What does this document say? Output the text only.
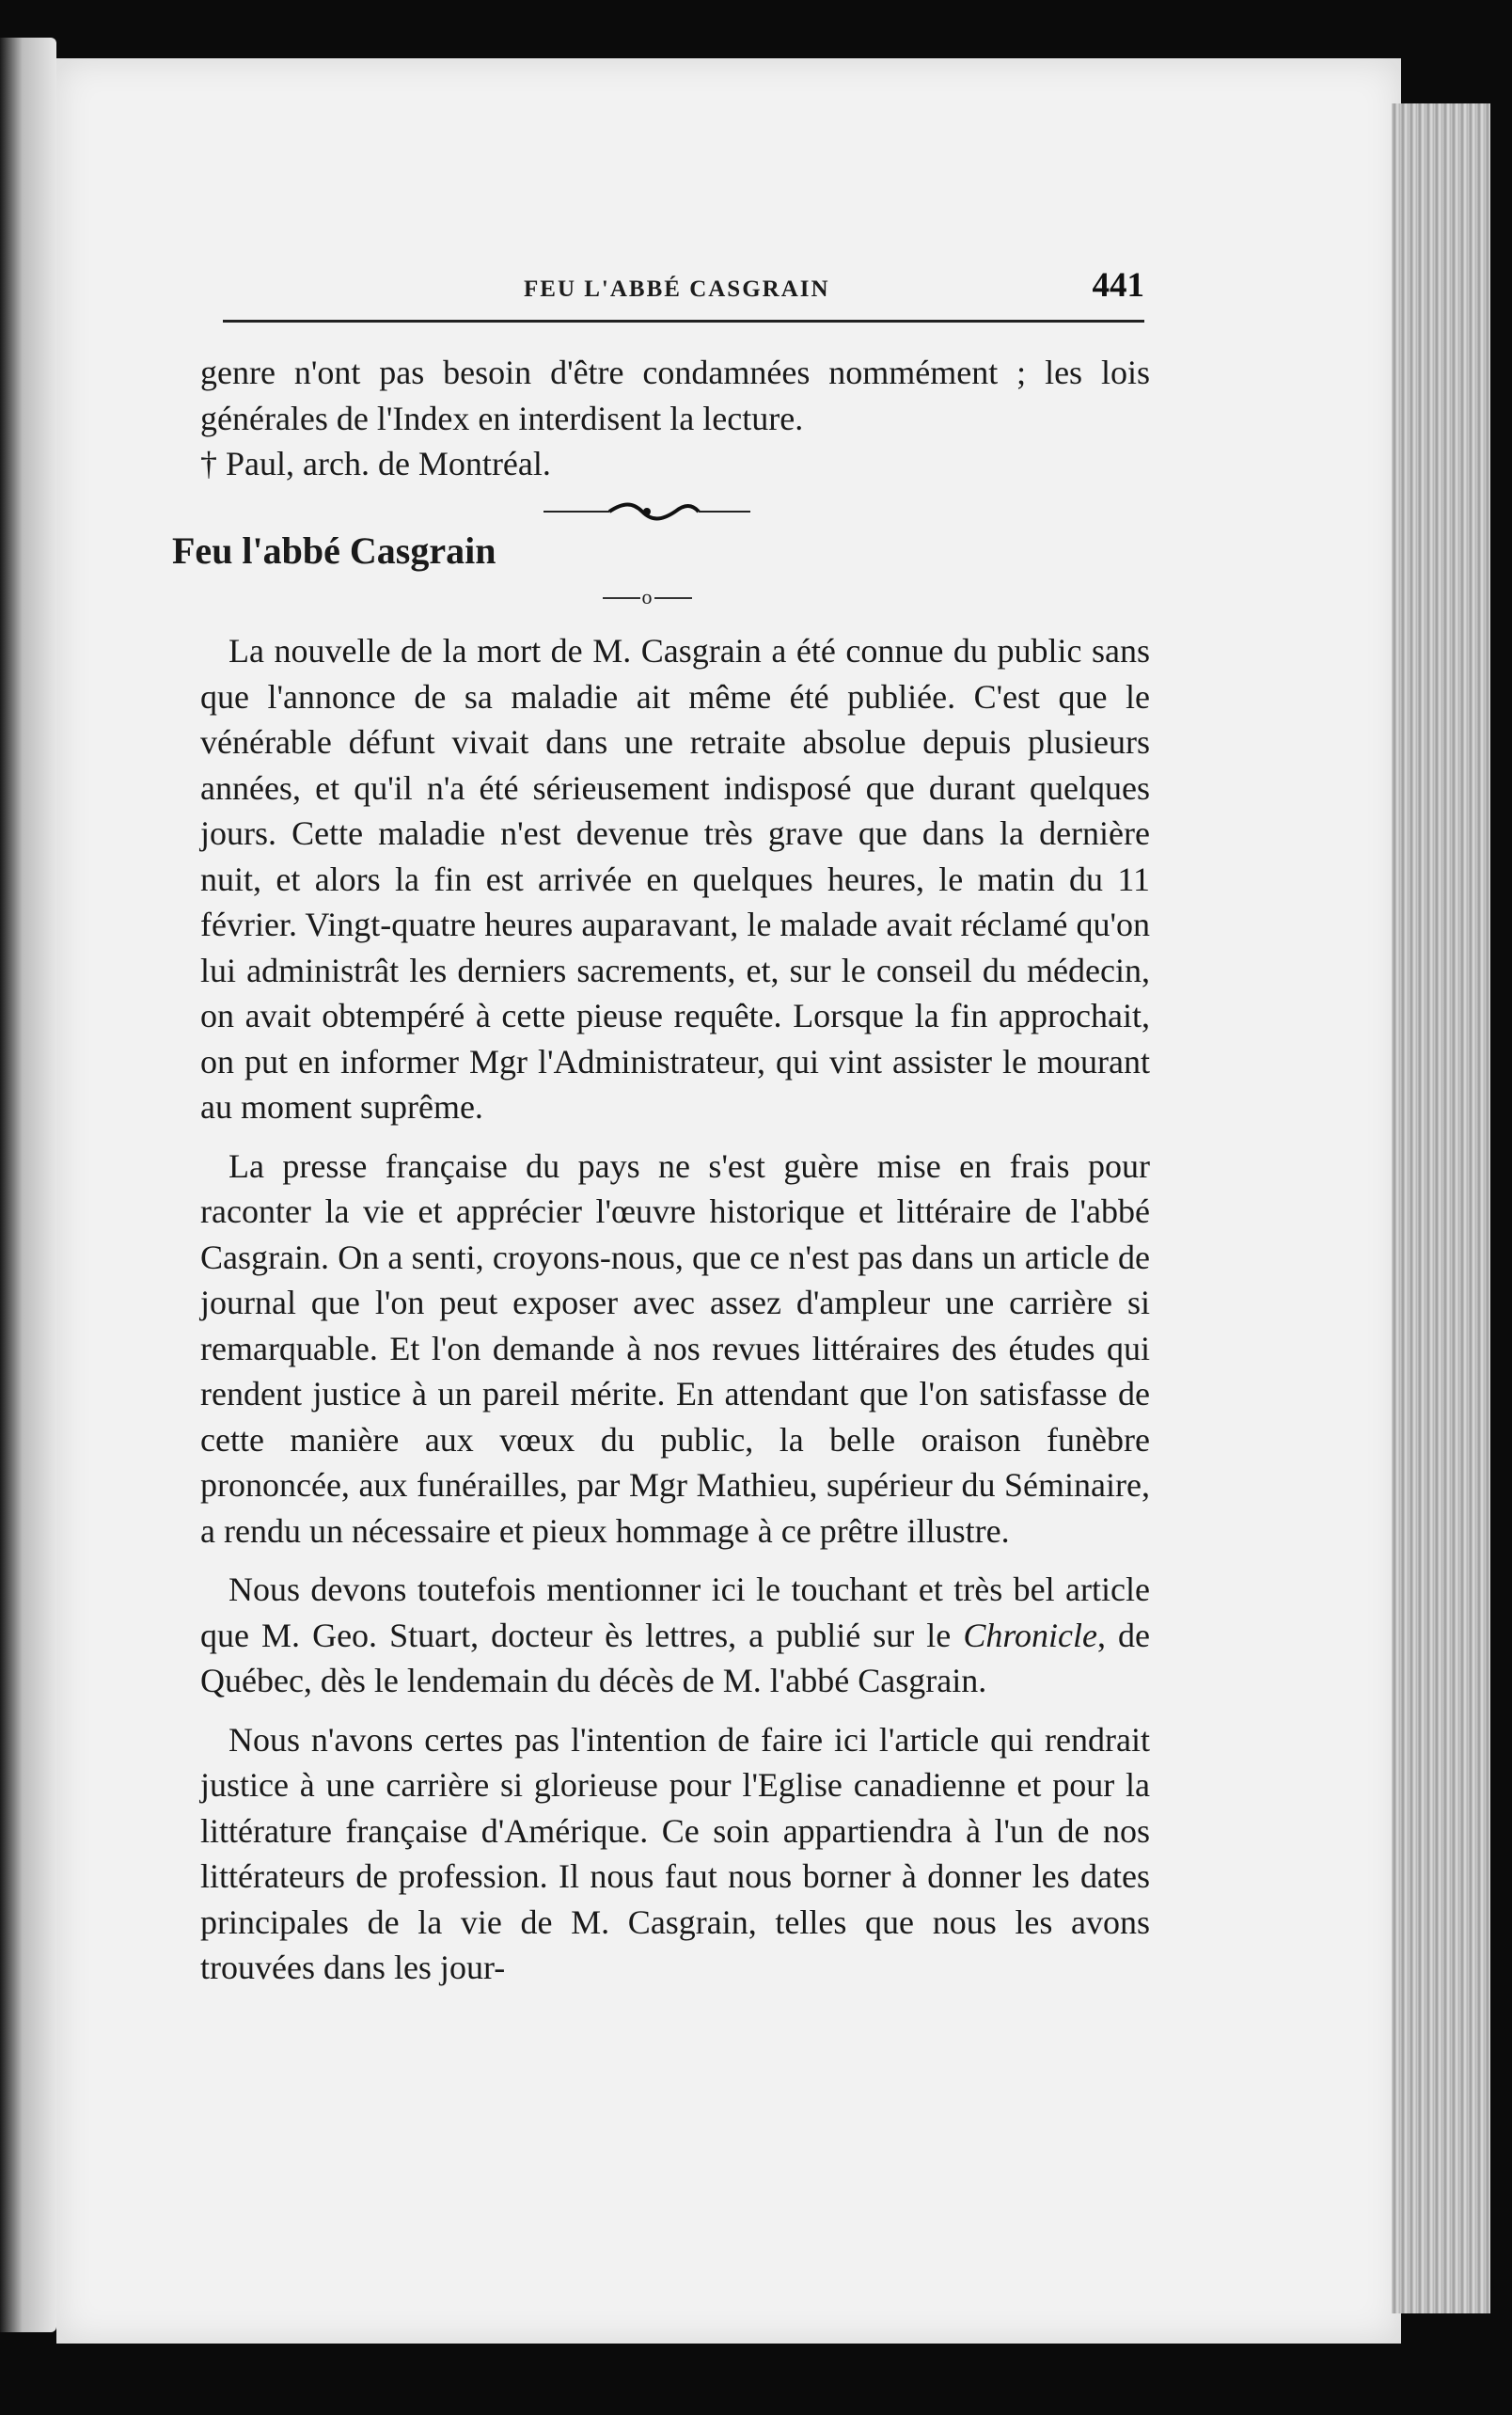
FEU L'ABBÉ CASGRAIN	441

genre n'ont pas besoin d'être condamnées nommément ; les lois générales de l'Index en interdisent la lecture.

† Paul, arch. de Montréal.

Feu l'abbé Casgrain

o

La nouvelle de la mort de M. Casgrain a été connue du public sans que l'annonce de sa maladie ait même été publiée. C'est que le vénérable défunt vivait dans une retraite absolue depuis plusieurs années, et qu'il n'a été sérieusement indisposé que durant quelques jours. Cette maladie n'est devenue très grave que dans la dernière nuit, et alors la fin est arrivée en quelques heures, le matin du 11 février. Vingt-quatre heures auparavant, le malade avait réclamé qu'on lui administrât les derniers sacrements, et, sur le conseil du médecin, on avait obtempéré à cette pieuse requête. Lorsque la fin approchait, on put en informer Mgr l'Administrateur, qui vint assister le mourant au moment suprême.

La presse française du pays ne s'est guère mise en frais pour raconter la vie et apprécier l'œuvre historique et littéraire de l'abbé Casgrain. On a senti, croyons-nous, que ce n'est pas dans un article de journal que l'on peut exposer avec assez d'ampleur une carrière si remarquable. Et l'on demande à nos revues littéraires des études qui rendent justice à un pareil mérite. En attendant que l'on satisfasse de cette manière aux vœux du public, la belle oraison funèbre prononcée, aux funérailles, par Mgr Mathieu, supérieur du Séminaire, a rendu un nécessaire et pieux hommage à ce prêtre illustre.

Nous devons toutefois mentionner ici le touchant et très bel article que M. Geo. Stuart, docteur ès lettres, a publié sur le Chronicle, de Québec, dès le lendemain du décès de M. l'abbé Casgrain.

Nous n'avons certes pas l'intention de faire ici l'article qui rendrait justice à une carrière si glorieuse pour l'Eglise canadienne et pour la littérature française d'Amérique. Ce soin appartiendra à l'un de nos littérateurs de profession. Il nous faut nous borner à donner les dates principales de la vie de M. Casgrain, telles que nous les avons trouvées dans les jour-
